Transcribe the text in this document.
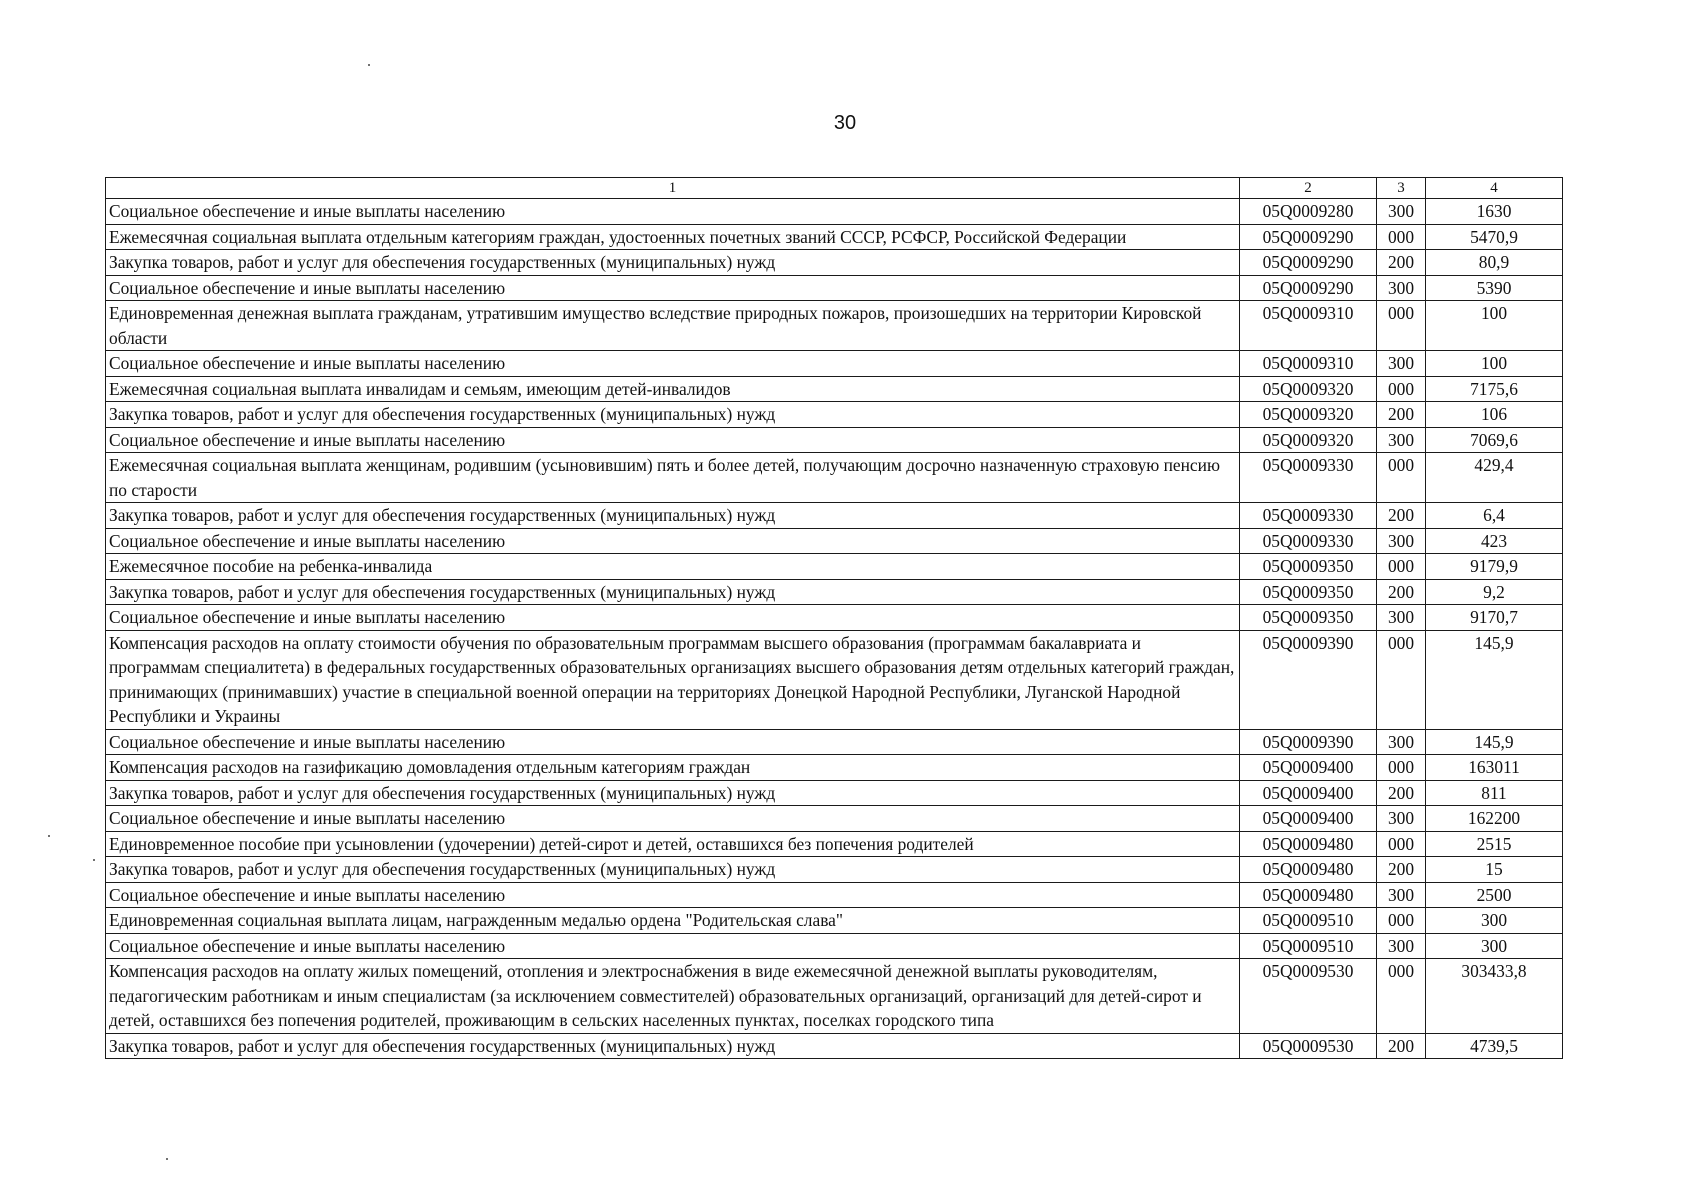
30
1	2	3	4
Социальное обеспечение и иные выплаты населению	05Q0009280	300	1630
Ежемесячная социальная выплата отдельным категориям граждан, удостоенных почетных званий СССР, РСФСР, Российской Федерации	05Q0009290	000	5470,9
Закупка товаров, работ и услуг для обеспечения государственных (муниципальных) нужд	05Q0009290	200	80,9
Социальное обеспечение и иные выплаты населению	05Q0009290	300	5390
Единовременная денежная выплата гражданам, утратившим имущество вследствие природных пожаров, произошедших на территории Кировской области	05Q0009310	000	100
Социальное обеспечение и иные выплаты населению	05Q0009310	300	100
Ежемесячная социальная выплата инвалидам и семьям, имеющим детей-инвалидов	05Q0009320	000	7175,6
Закупка товаров, работ и услуг для обеспечения государственных (муниципальных) нужд	05Q0009320	200	106
Социальное обеспечение и иные выплаты населению	05Q0009320	300	7069,6
Ежемесячная социальная выплата женщинам, родившим (усыновившим) пять и более детей, получающим досрочно назначенную страховую пенсию по старости	05Q0009330	000	429,4
Закупка товаров, работ и услуг для обеспечения государственных (муниципальных) нужд	05Q0009330	200	6,4
Социальное обеспечение и иные выплаты населению	05Q0009330	300	423
Ежемесячное пособие на ребенка-инвалида	05Q0009350	000	9179,9
Закупка товаров, работ и услуг для обеспечения государственных (муниципальных) нужд	05Q0009350	200	9,2
Социальное обеспечение и иные выплаты населению	05Q0009350	300	9170,7
Компенсация расходов на оплату стоимости обучения по образовательным программам высшего образования (программам бакалавриата и программам специалитета) в федеральных государственных образовательных организациях высшего образования детям отдельных категорий граждан, принимающих (принимавших) участие в специальной военной операции на территориях Донецкой Народной Республики, Луганской Народной Республики и Украины	05Q0009390	000	145,9
Социальное обеспечение и иные выплаты населению	05Q0009390	300	145,9
Компенсация расходов на газификацию домовладения отдельным категориям граждан	05Q0009400	000	163011
Закупка товаров, работ и услуг для обеспечения государственных (муниципальных) нужд	05Q0009400	200	811
Социальное обеспечение и иные выплаты населению	05Q0009400	300	162200
Единовременное пособие при усыновлении (удочерении) детей-сирот и детей, оставшихся без попечения родителей	05Q0009480	000	2515
Закупка товаров, работ и услуг для обеспечения государственных (муниципальных) нужд	05Q0009480	200	15
Социальное обеспечение и иные выплаты населению	05Q0009480	300	2500
Единовременная социальная выплата лицам, награжденным медалью ордена "Родительская слава"	05Q0009510	000	300
Социальное обеспечение и иные выплаты населению	05Q0009510	300	300
Компенсация расходов на оплату жилых помещений, отопления и электроснабжения в виде ежемесячной денежной выплаты руководителям, педагогическим работникам и иным специалистам (за исключением совместителей) образовательных организаций, организаций для детей-сирот и детей, оставшихся без попечения родителей, проживающим в сельских населенных пунктах, поселках городского типа	05Q0009530	000	303433,8
Закупка товаров, работ и услуг для обеспечения государственных (муниципальных) нужд	05Q0009530	200	4739,5
